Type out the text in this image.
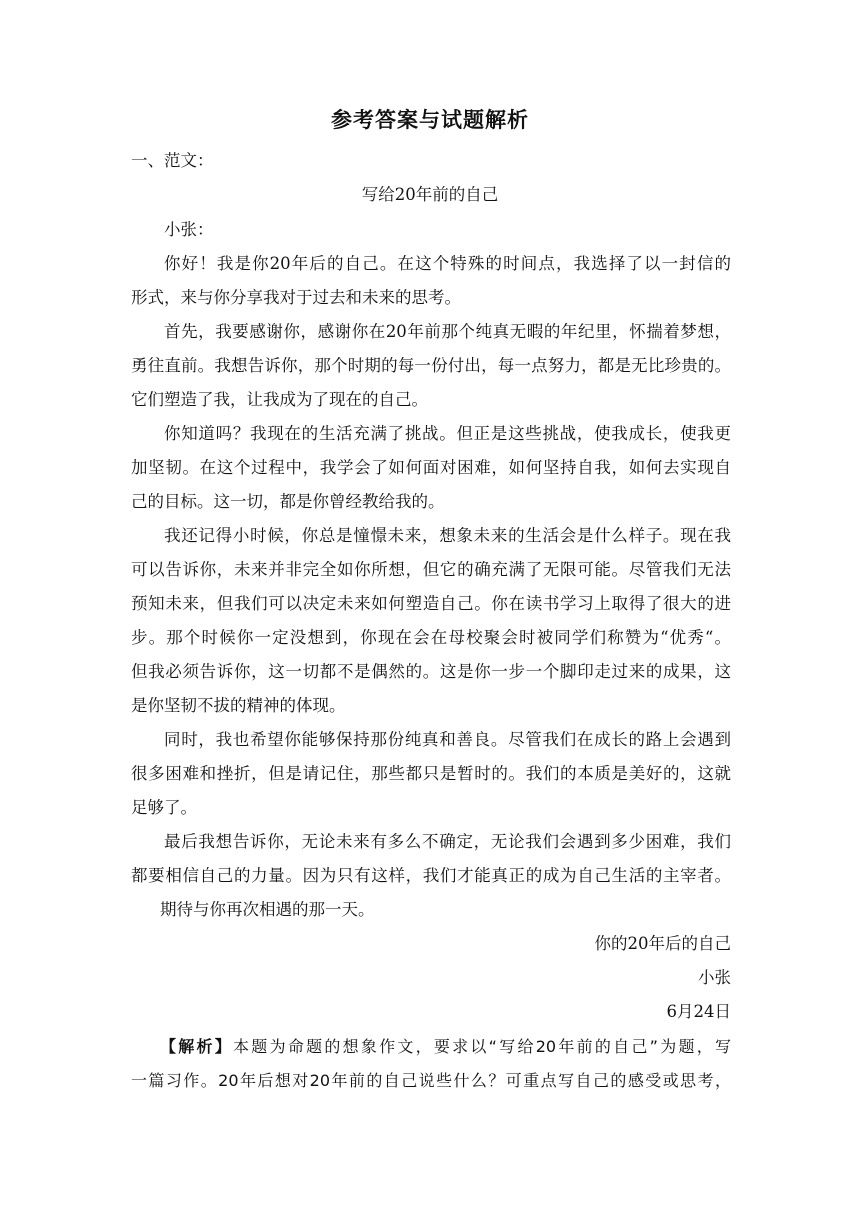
参考答案与试题解析
一、范文：
写给20年前的自己
小张：
你好！我是你20年后的自己。在这个特殊的时间点，我选择了以一封信的
形式，来与你分享我对于过去和未来的思考。
首先，我要感谢你，感谢你在20年前那个纯真无暇的年纪里，怀揣着梦想，
勇往直前。我想告诉你，那个时期的每一份付出，每一点努力，都是无比珍贵的。
它们塑造了我，让我成为了现在的自己。
你知道吗？我现在的生活充满了挑战。但正是这些挑战，使我成长，使我更
加坚韧。在这个过程中，我学会了如何面对困难，如何坚持自我，如何去实现自
己的目标。这一切，都是你曾经教给我的。
我还记得小时候，你总是憧憬未来，想象未来的生活会是什么样子。现在我
可以告诉你，未来并非完全如你所想，但它的确充满了无限可能。尽管我们无法
预知未来，但我们可以决定未来如何塑造自己。你在读书学习上取得了很大的进
步。那个时候你一定没想到，你现在会在母校聚会时被同学们称赞为“优秀“。
但我必须告诉你，这一切都不是偶然的。这是你一步一个脚印走过来的成果，这
是你坚韧不拔的精神的体现。
同时，我也希望你能够保持那份纯真和善良。尽管我们在成长的路上会遇到
很多困难和挫折，但是请记住，那些都只是暂时的。我们的本质是美好的，这就
足够了。
最后我想告诉你，无论未来有多么不确定，无论我们会遇到多少困难，我们
都要相信自己的力量。因为只有这样，我们才能真正的成为自己生活的主宰者。
期待与你再次相遇的那一天。
你的20年后的自己
小张
6月24日
【解析】本题为命题的想象作文，要求以“写给20年前的自己”为题，写
一篇习作。20年后想对20年前的自己说些什么？可重点写自己的感受或思考，
